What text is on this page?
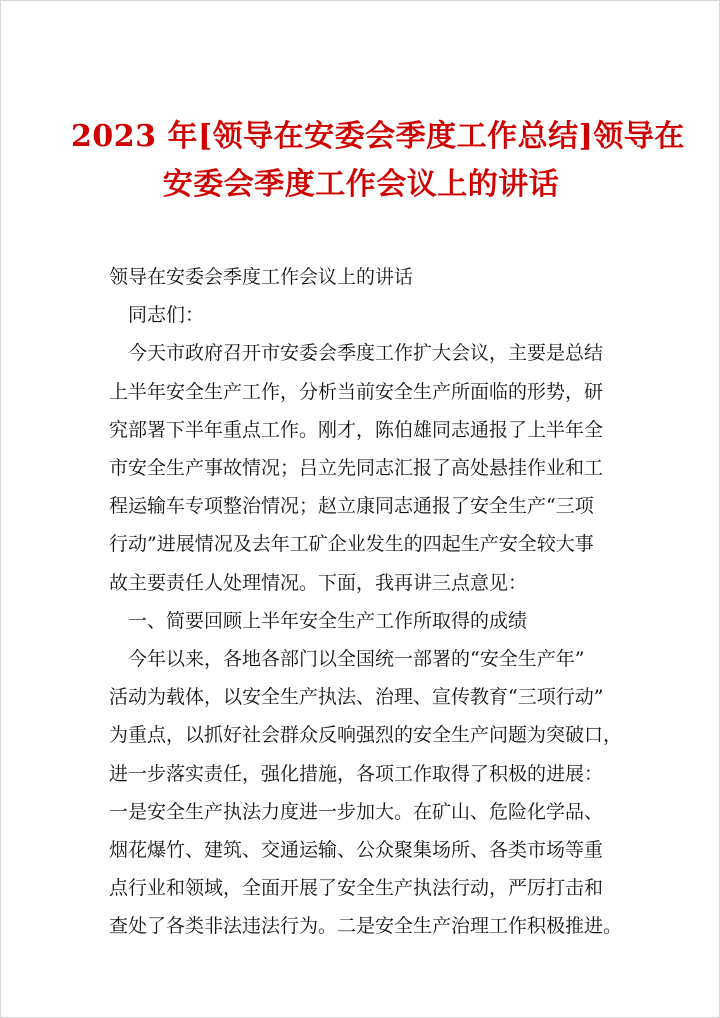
2023 年[领导在安委会季度工作总结]领导在
安委会季度工作会议上的讲话

领导在安委会季度工作会议上的讲话

同志们：

今天市政府召开市安委会季度工作扩大会议，主要是总结
上半年安全生产工作，分析当前安全生产所面临的形势，研
究部署下半年重点工作。刚才，陈伯雄同志通报了上半年全
市安全生产事故情况；吕立先同志汇报了高处悬挂作业和工
程运输车专项整治情况；赵立康同志通报了安全生产“三项
行动”进展情况及去年工矿企业发生的四起生产安全较大事
故主要责任人处理情况。下面，我再讲三点意见：

一、简要回顾上半年安全生产工作所取得的成绩

今年以来，各地各部门以全国统一部署的“安全生产年”
活动为载体，以安全生产执法、治理、宣传教育“三项行动”
为重点，以抓好社会群众反响强烈的安全生产问题为突破口，
进一步落实责任，强化措施，各项工作取得了积极的进展：
一是安全生产执法力度进一步加大。在矿山、危险化学品、
烟花爆竹、建筑、交通运输、公众聚集场所、各类市场等重
点行业和领域，全面开展了安全生产执法行动，严厉打击和
查处了各类非法违法行为。二是安全生产治理工作积极推进。
